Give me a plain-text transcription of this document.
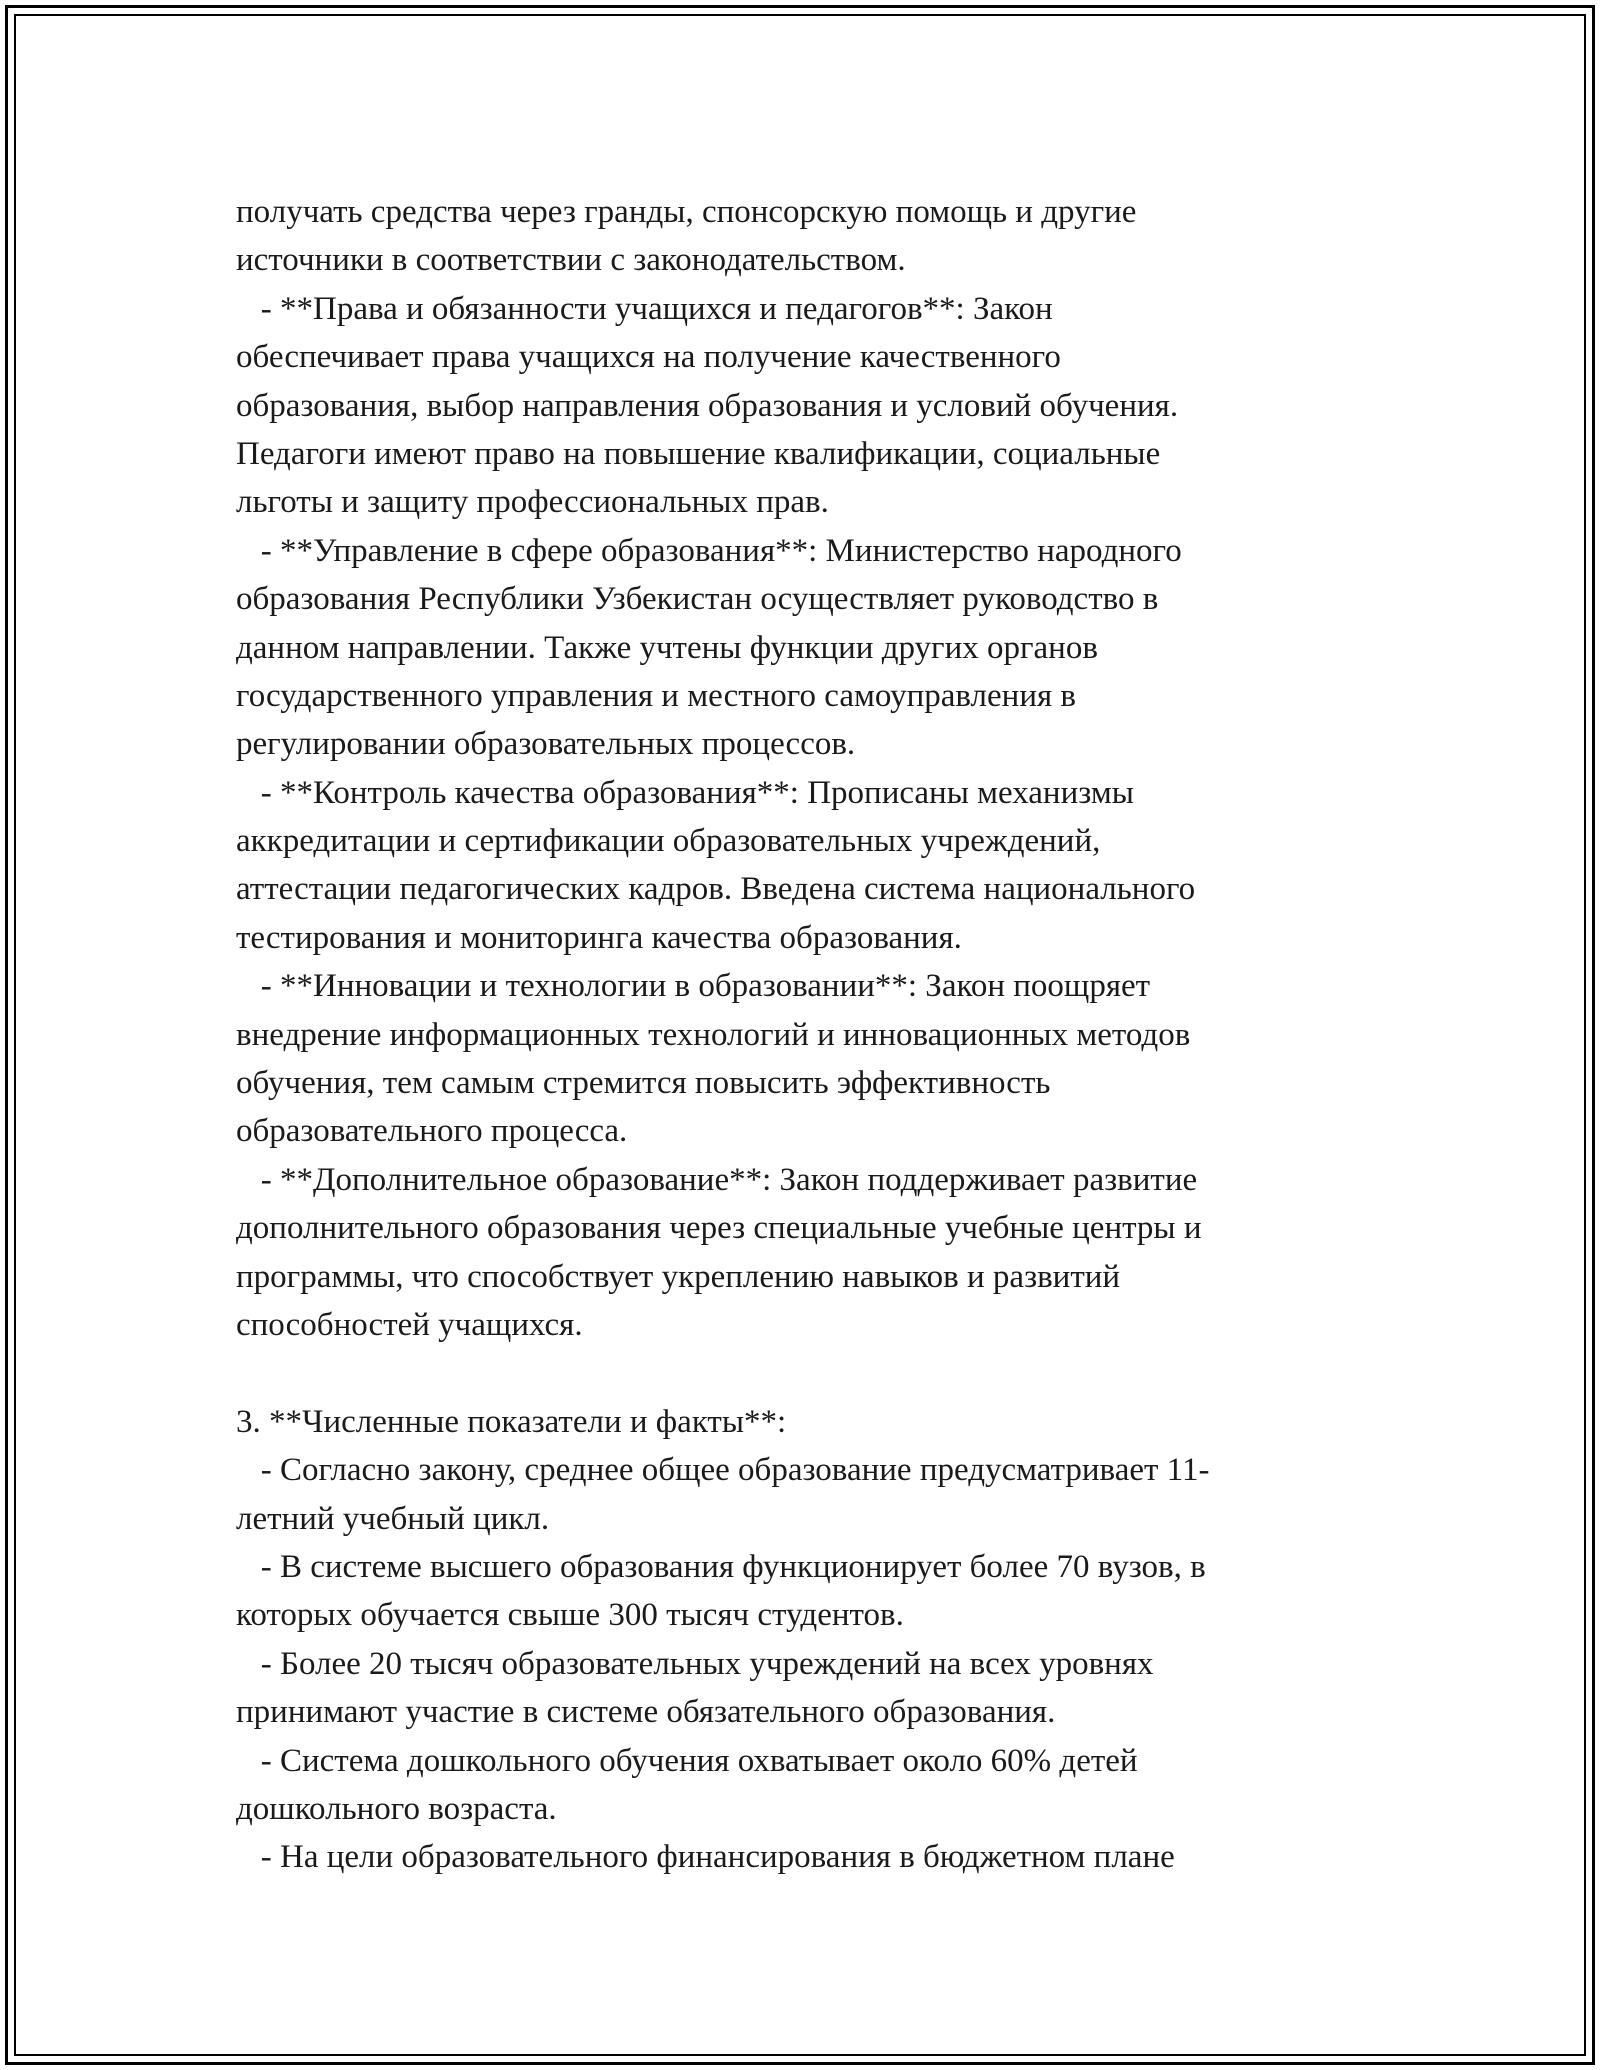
получать средства через гранды, спонсорскую помощь и другие
источники в соответствии с законодательством.
- **Права и обязанности учащихся и педагогов**: Закон
обеспечивает права учащихся на получение качественного
образования, выбор направления образования и условий обучения.
Педагоги имеют право на повышение квалификации, социальные
льготы и защиту профессиональных прав.
- **Управление в сфере образования**: Министерство народного
образования Республики Узбекистан осуществляет руководство в
данном направлении. Также учтены функции других органов
государственного управления и местного самоуправления в
регулировании образовательных процессов.
- **Контроль качества образования**: Прописаны механизмы
аккредитации и сертификации образовательных учреждений,
аттестации педагогических кадров. Введена система национального
тестирования и мониторинга качества образования.
- **Инновации и технологии в образовании**: Закон поощряет
внедрение информационных технологий и инновационных методов
обучения, тем самым стремится повысить эффективность
образовательного процесса.
- **Дополнительное образование**: Закон поддерживает развитие
дополнительного образования через специальные учебные центры и
программы, что способствует укреплению навыков и развитий
способностей учащихся.
3. **Численные показатели и факты**:
- Согласно закону, среднее общее образование предусматривает 11-
летний учебный цикл.
- В системе высшего образования функционирует более 70 вузов, в
которых обучается свыше 300 тысяч студентов.
- Более 20 тысяч образовательных учреждений на всех уровнях
принимают участие в системе обязательного образования.
- Система дошкольного обучения охватывает около 60% детей
дошкольного возраста.
- На цели образовательного финансирования в бюджетном плане
